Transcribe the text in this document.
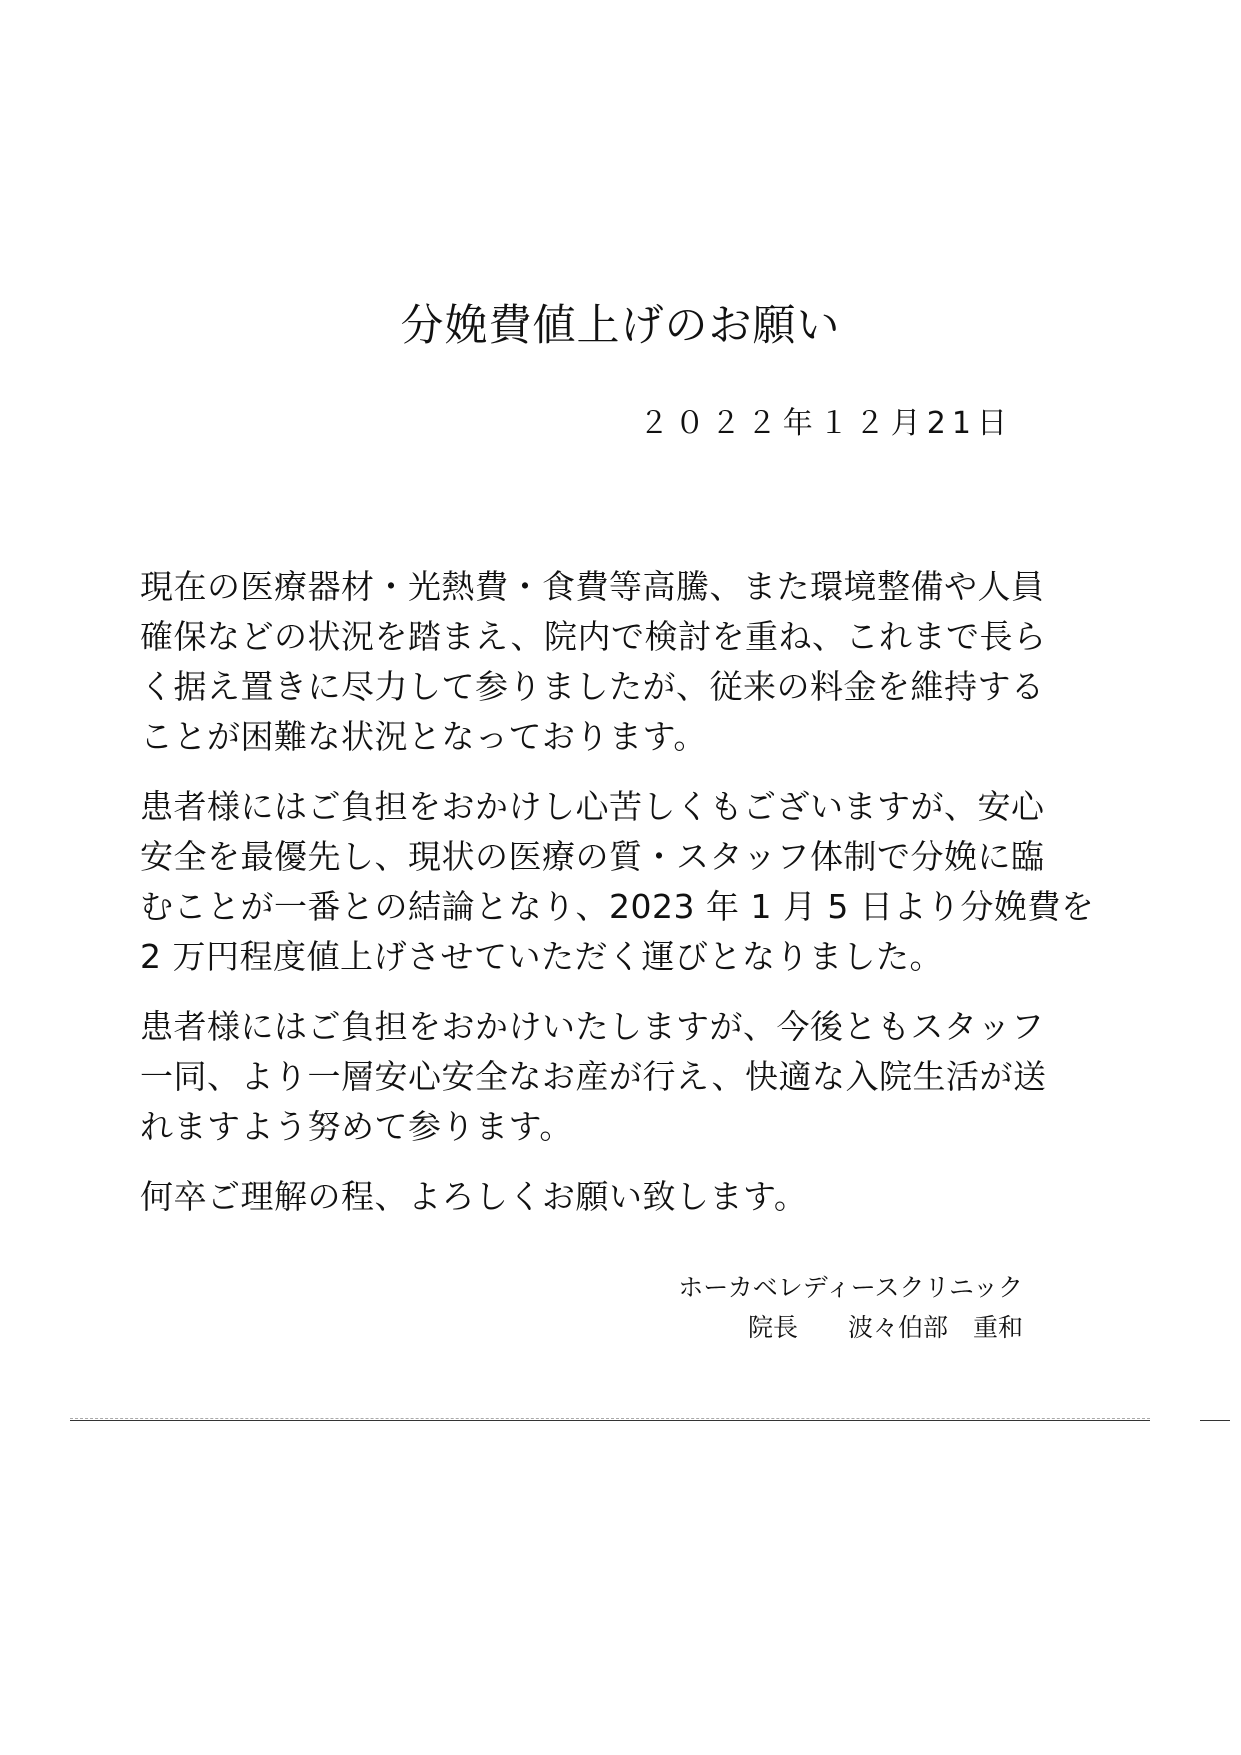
分娩費値上げのお願い

２０２２年１２月21日

現在の医療器材・光熱費・食費等高騰、また環境整備や人員
確保などの状況を踏まえ、院内で検討を重ね、これまで長ら
く据え置きに尽力して参りましたが、従来の料金を維持する
ことが困難な状況となっております。

患者様にはご負担をおかけし心苦しくもございますが、安心
安全を最優先し、現状の医療の質・スタッフ体制で分娩に臨
むことが一番との結論となり、2023 年 1 月 5 日より分娩費を
2 万円程度値上げさせていただく運びとなりました。

患者様にはご負担をおかけいたしますが、今後ともスタッフ
一同、より一層安心安全なお産が行え、快適な入院生活が送
れますよう努めて参ります。

何卒ご理解の程、よろしくお願い致します。

ホーカベレディースクリニック
院長　　波々伯部　重和
